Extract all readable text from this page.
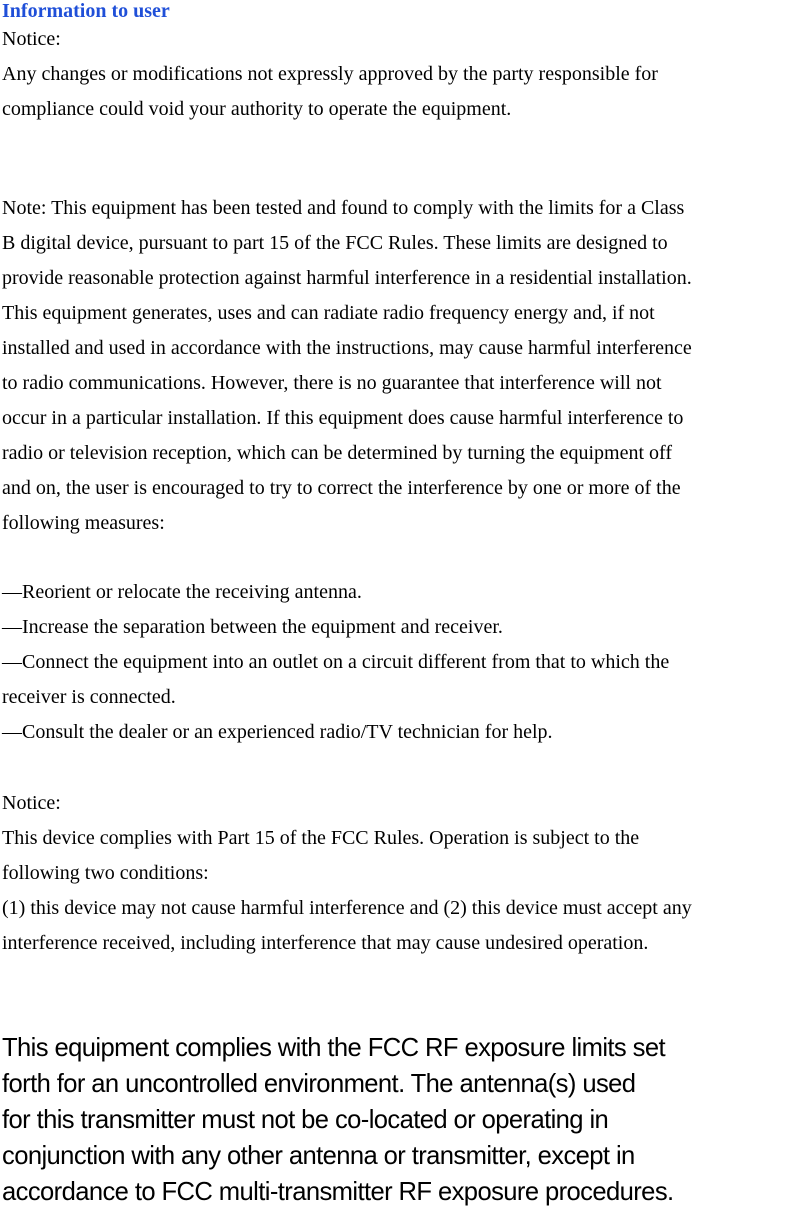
Information to user

Notice:

Any changes or modifications not expressly approved by the party responsible for

compliance could void your authority to operate the equipment.

Note: This equipment has been tested and found to comply with the limits for a Class

B digital device, pursuant to part 15 of the FCC Rules. These limits are designed to

provide reasonable protection against harmful interference in a residential installation.

This equipment generates, uses and can radiate radio frequency energy and, if not

installed and used in accordance with the instructions, may cause harmful interference

to radio communications. However, there is no guarantee that interference will not

occur in a particular installation. If this equipment does cause harmful interference to

radio or television reception, which can be determined by turning the equipment off

and on, the user is encouraged to try to correct the interference by one or more of the

following measures:

—Reorient or relocate the receiving antenna.
—Increase the separation between the equipment and receiver.
—Connect the equipment into an outlet on a circuit different from that to which the
receiver is connected.
—Consult the dealer or an experienced radio/TV technician for help.

Notice:

This device complies with Part 15 of the FCC Rules. Operation is subject to the

following two conditions:

(1) this device may not cause harmful interference and (2) this device must accept any

interference received, including interference that may cause undesired operation.

This equipment complies with the FCC RF exposure limits set

forth for an uncontrolled environment. The antenna(s) used

for this transmitter must not be co-located or operating in

conjunction with any other antenna or transmitter, except in

accordance to FCC multi-transmitter RF exposure procedures.
